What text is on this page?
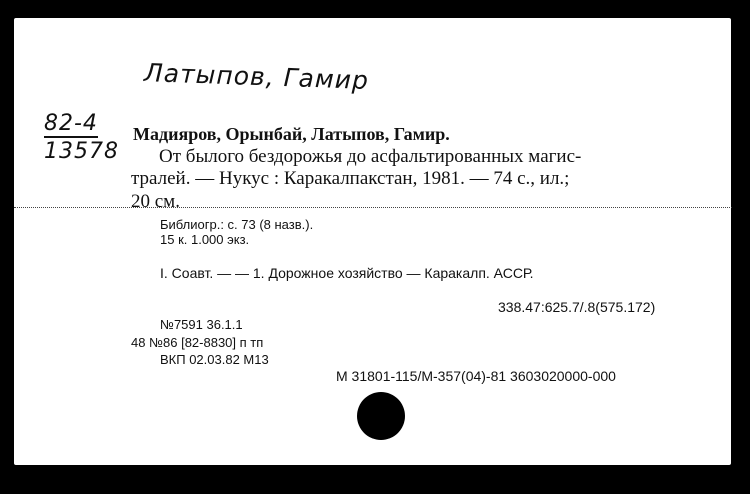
Латыпов, Гамир
82-4
13578
Мадияров, Орынбай, Латыпов, Гамир.
От былого бездорожья до асфальтированных магис-
тралей. — Нукус : Каракалпакстан, 1981. — 74 с., ил.;
20 см.
Библиогр.: с. 73 (8 назв.).
15 к. 1.000 экз.
I. Соавт. — — 1. Дорожное хозяйство — Каракалп. АССР.
338.47:625.7/.8(575.172)
№7591 36.1.1
48 №86 [82-8830] п тп
ВКП 02.03.82 М13
М 31801-115/М-357(04)-81 3603020000-000
